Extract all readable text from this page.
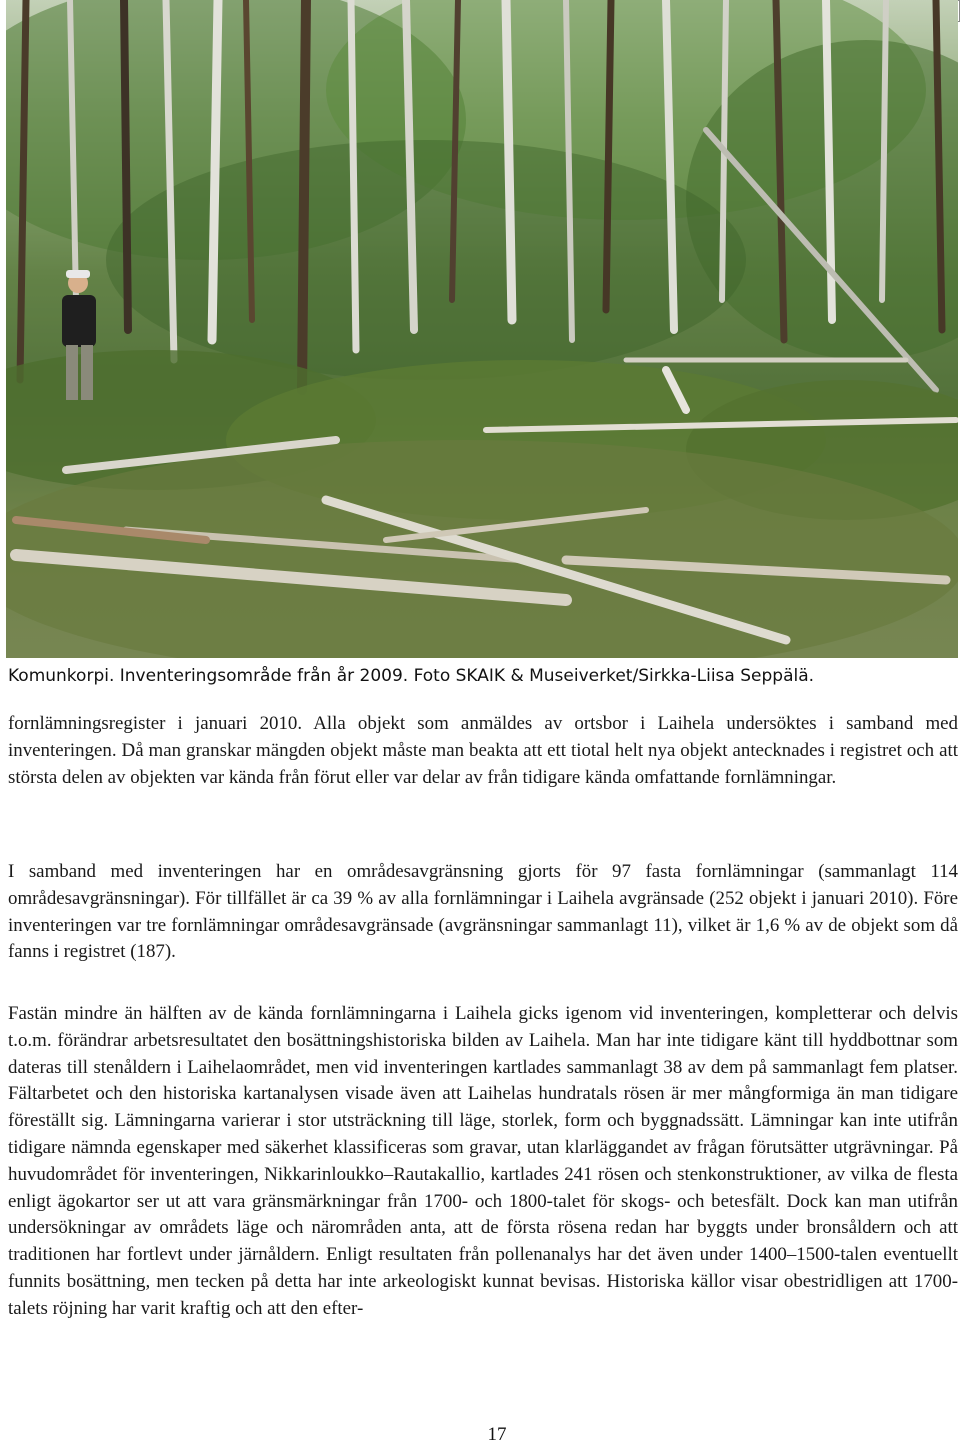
Komunkorpi. Inventeringsområde från år 2009. Foto SKAIK & Museiverket/Sirkka-Liisa Seppälä.

fornlämningsregister i januari 2010. Alla objekt som anmäldes av ortsbor i Laihela undersöktes i samband med inventeringen. Då man granskar mängden objekt måste man beakta att ett tiotal helt nya objekt antecknades i registret och att största delen av objekten var kända från förut eller var delar av från tidigare kända omfattande fornlämningar.

I samband med inventeringen har en områdesavgränsning gjorts för 97 fasta fornlämningar (sammanlagt 114 områdesavgränsningar). För tillfället är ca 39 % av alla fornlämningar i Laihela avgränsade (252 objekt i januari 2010). Före inventeringen var tre fornlämningar områdesavgränsade (avgränsningar sammanlagt 11), vilket är 1,6 % av de objekt som då fanns i registret (187).

Fastän mindre än hälften av de kända fornlämningarna i Laihela gicks igenom vid inventeringen, kompletterar och delvis t.o.m. förändrar arbetsresultatet den bosättningshistoriska bilden av Laihela. Man har inte tidigare känt till hyddbottnar som dateras till stenåldern i Laihelaområdet, men vid inventeringen kartlades sammanlagt 38 av dem på sammanlagt fem platser. Fältarbetet och den historiska kartanalysen visade även att Laihelas hundratals rösen är mer mångformiga än man tidigare föreställt sig. Lämningarna varierar i stor utsträckning till läge, storlek, form och byggnadssätt. Lämningar kan inte utifrån tidigare nämnda egenskaper med säkerhet klassificeras som gravar, utan klarläggandet av frågan förutsätter utgrävningar. På huvudområdet för inventeringen, Nikkarinloukko–Rautakallio, kartlades 241 rösen och stenkonstruktioner, av vilka de flesta enligt ägokartor ser ut att vara gränsmärkningar från 1700- och 1800-talet för skogs- och betesfält. Dock kan man utifrån undersökningar av områdets läge och närområden anta, att de första rösena redan har byggts under bronsåldern och att traditionen har fortlevt under järnåldern. Enligt resultaten från pollenanalys har det även under 1400–1500-talen eventuellt funnits bosättning, men tecken på detta har inte arkeologiskt kunnat bevisas. Historiska källor visar obestridligen att 1700-talets röjning har varit kraftig och att den efter-

17
